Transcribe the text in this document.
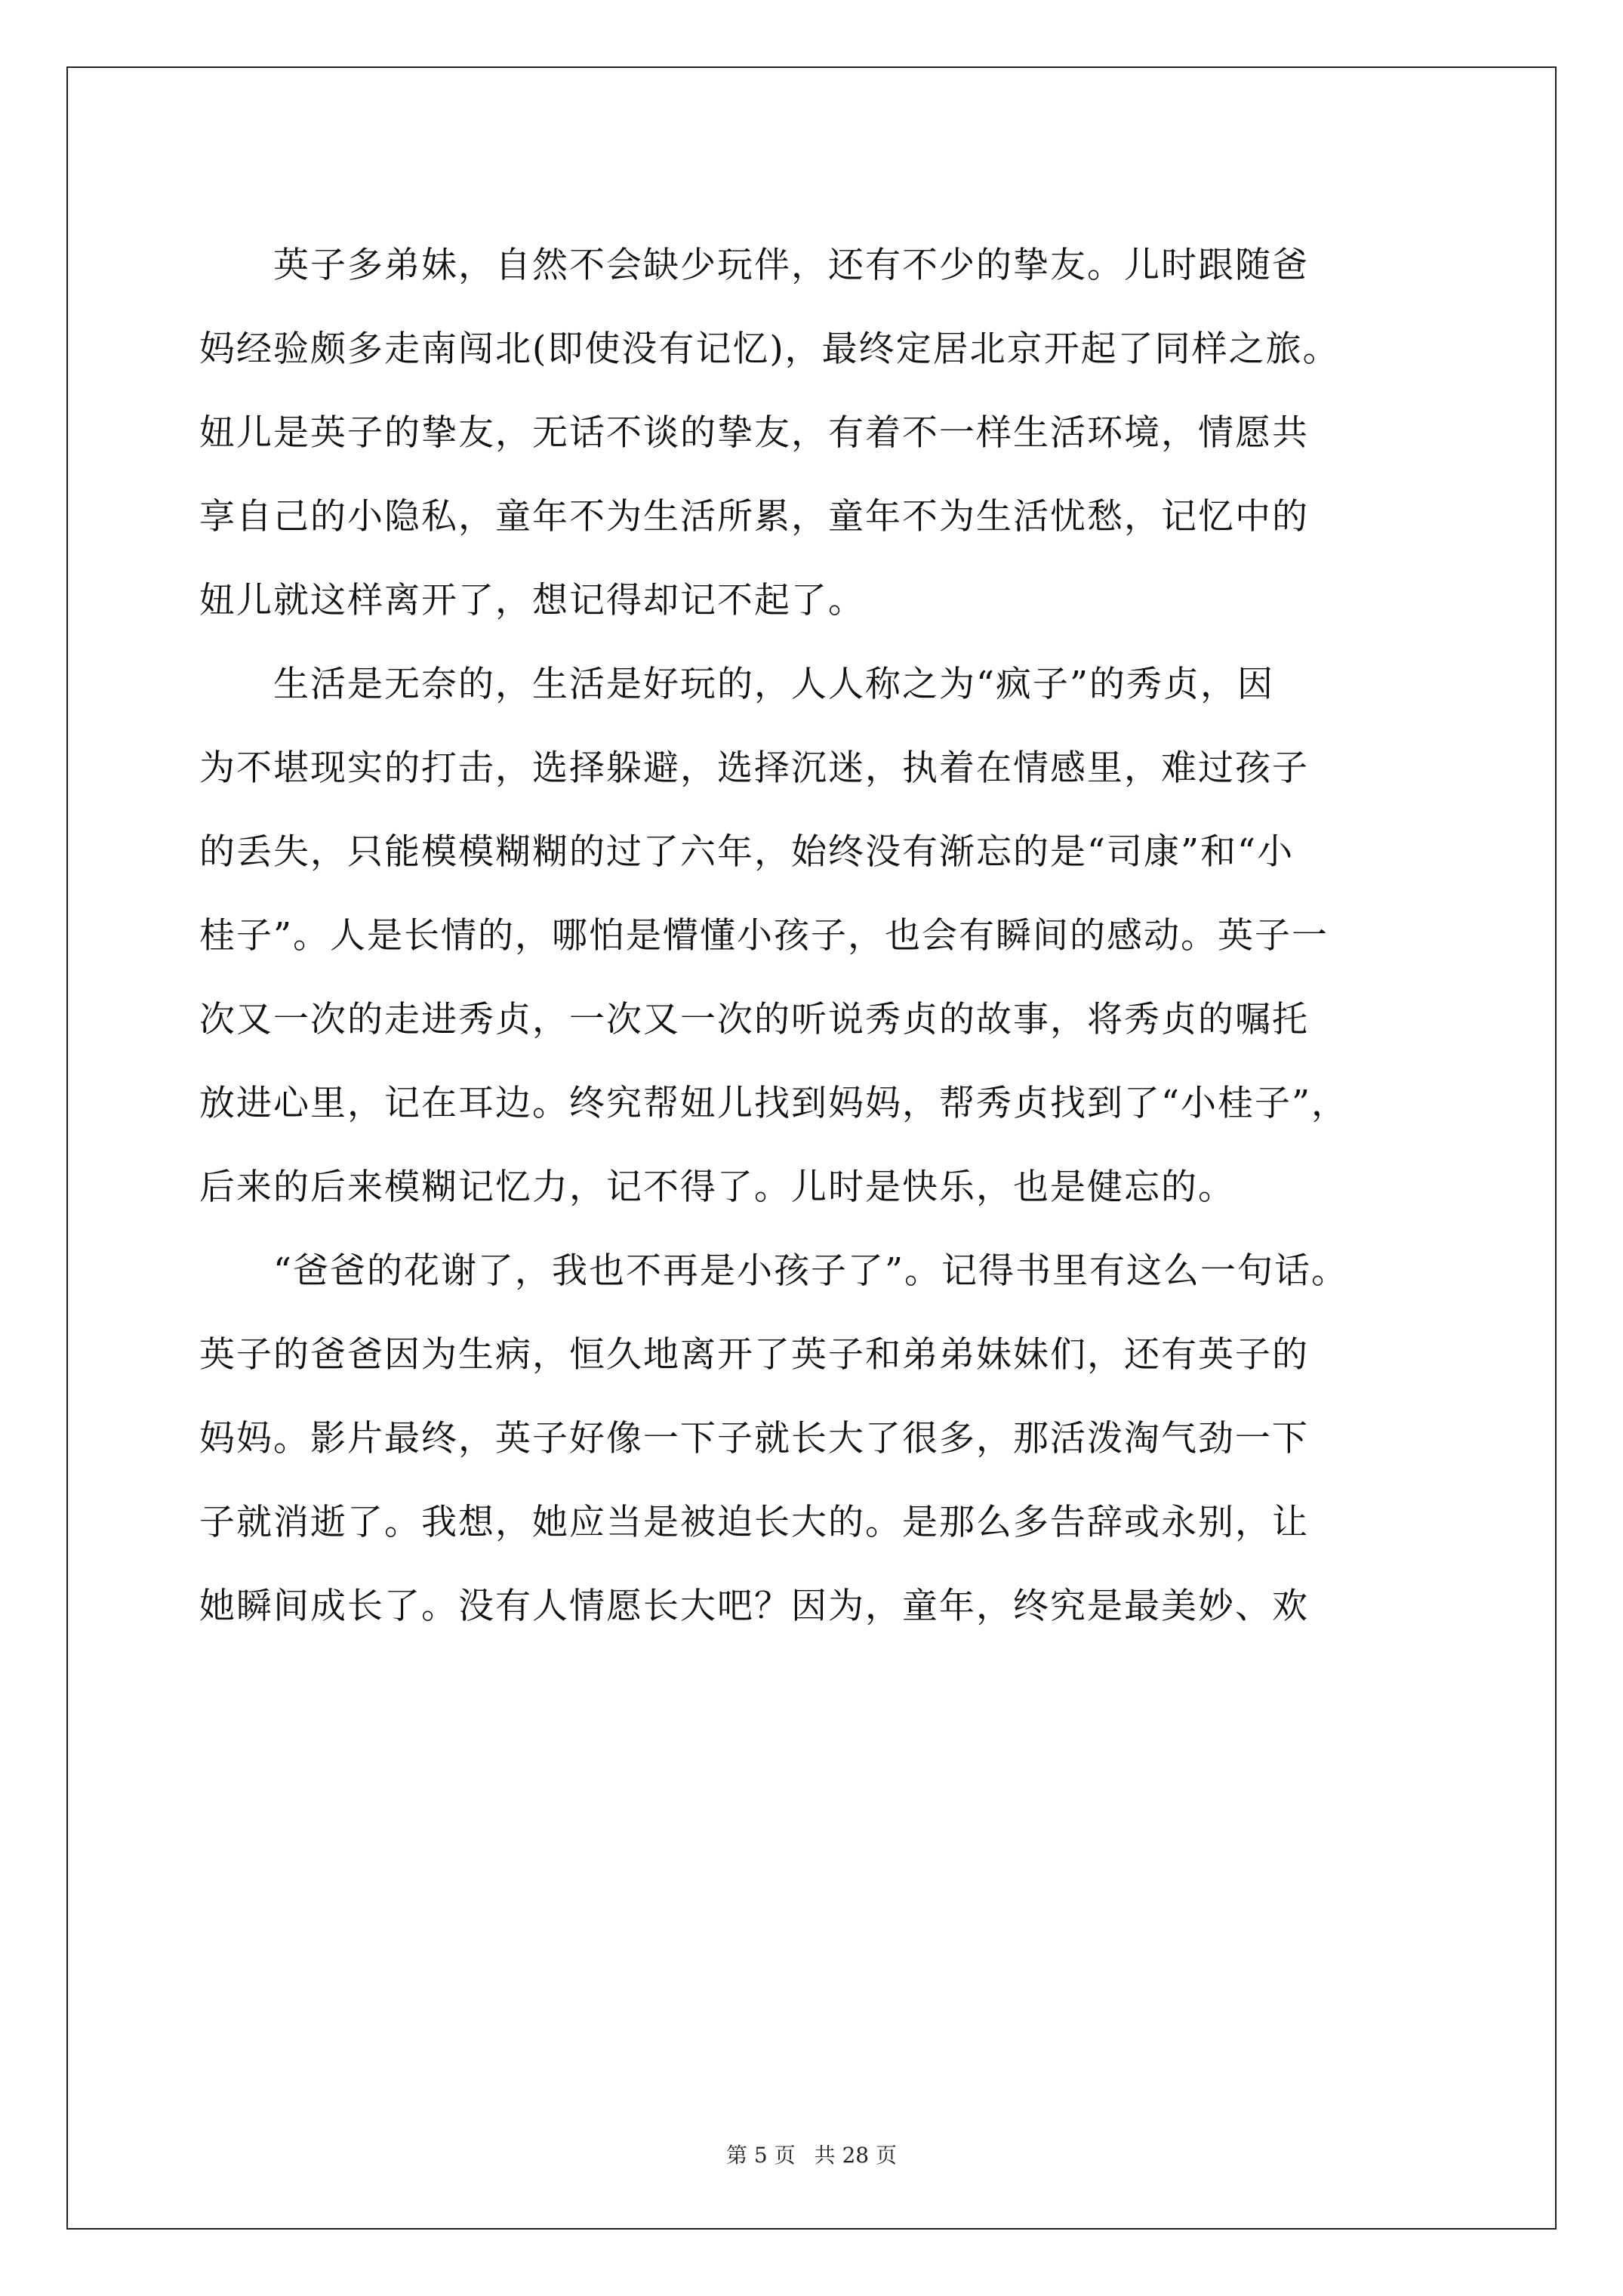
　　英子多弟妹，自然不会缺少玩伴，还有不少的挚友。儿时跟随爸
妈经验颇多走南闯北(即使没有记忆)，最终定居北京开起了同样之旅。
妞儿是英子的挚友，无话不谈的挚友，有着不一样生活环境，情愿共
享自己的小隐私，童年不为生活所累，童年不为生活忧愁，记忆中的
妞儿就这样离开了，想记得却记不起了。
　　生活是无奈的，生活是好玩的，人人称之为“疯子”的秀贞，因
为不堪现实的打击，选择躲避，选择沉迷，执着在情感里，难过孩子
的丢失，只能模模糊糊的过了六年，始终没有渐忘的是“司康”和“小
桂子”。人是长情的，哪怕是懵懂小孩子，也会有瞬间的感动。英子一
次又一次的走进秀贞，一次又一次的听说秀贞的故事，将秀贞的嘱托
放进心里，记在耳边。终究帮妞儿找到妈妈，帮秀贞找到了“小桂子”，
后来的后来模糊记忆力，记不得了。儿时是快乐，也是健忘的。
　　“爸爸的花谢了，我也不再是小孩子了”。记得书里有这么一句话。
英子的爸爸因为生病，恒久地离开了英子和弟弟妹妹们，还有英子的
妈妈。影片最终，英子好像一下子就长大了很多，那活泼淘气劲一下
子就消逝了。我想，她应当是被迫长大的。是那么多告辞或永别，让
她瞬间成长了。没有人情愿长大吧？因为，童年，终究是最美妙、欢
第 5 页 共 28 页
